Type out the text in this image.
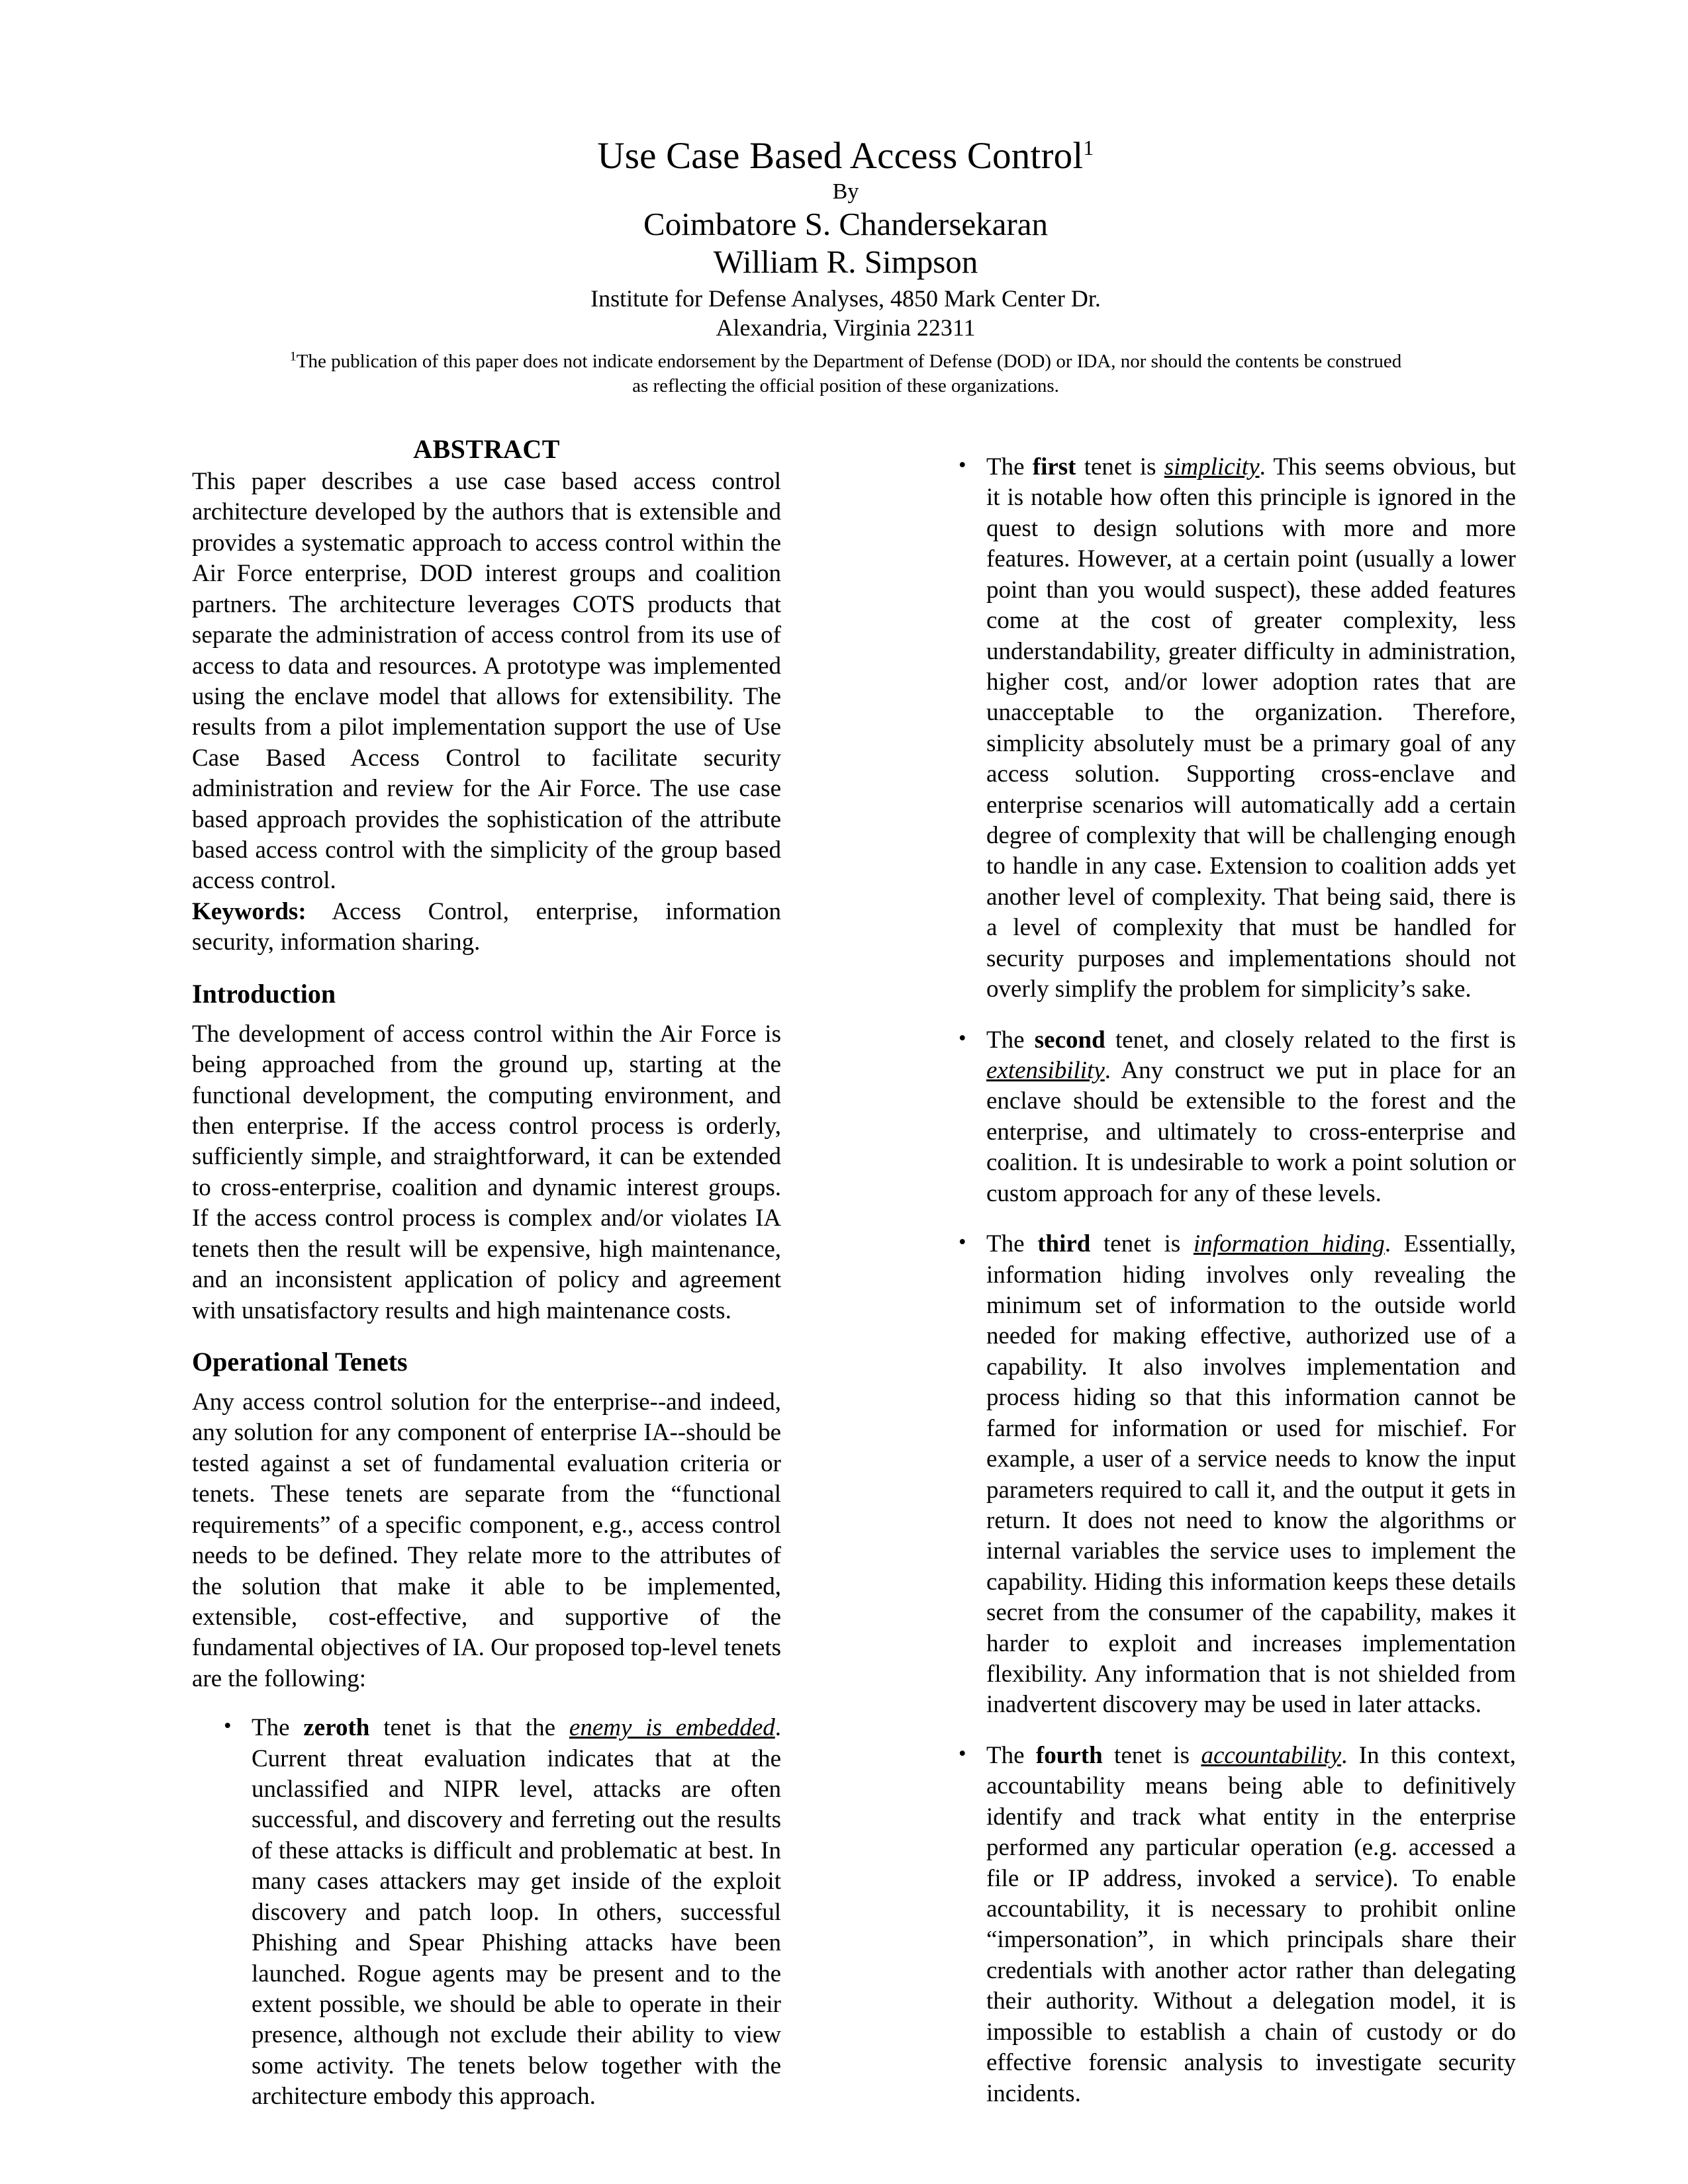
Use Case Based Access Control$^1$
By
Coimbatore S. Chandersekaran
William R. Simpson
Institute for Defense Analyses, 4850 Mark Center Dr.
Alexandria, Virginia 22311
$^1$The publication of this paper does not indicate endorsement by the Department of Defense (DOD) or IDA, nor should the contents be construed
as reflecting the official position of these organizations.
ABSTRACT

This paper describes a use case based access control architecture developed by the authors that is extensible and provides a systematic approach to access control within the Air Force enterprise, DOD interest groups and coalition partners. The architecture leverages COTS products that separate the administration of access control from its use of access to data and resources. A prototype was implemented using the enclave model that allows for extensibility. The results from a pilot implementation support the use of Use Case Based Access Control to facilitate security administration and review for the Air Force. The use case based approach provides the sophistication of the attribute based access control with the simplicity of the group based access control.

Keywords: Access Control, enterprise, information security, information sharing.

Introduction

The development of access control within the Air Force is being approached from the ground up, starting at the functional development, the computing environment, and then enterprise. If the access control process is orderly, sufficiently simple, and straightforward, it can be extended to cross-enterprise, coalition and dynamic interest groups. If the access control process is complex and/or violates IA tenets then the result will be expensive, high maintenance, and an inconsistent application of policy and agreement with unsatisfactory results and high maintenance costs.

Operational Tenets

Any access control solution for the enterprise--and indeed, any solution for any component of enterprise IA--should be tested against a set of fundamental evaluation criteria or tenets. These tenets are separate from the “functional requirements” of a specific component, e.g., access control needs to be defined. They relate more to the attributes of the solution that make it able to be implemented, extensible, cost-effective, and supportive of the fundamental objectives of IA. Our proposed top-level tenets are the following:

• The zeroth tenet is that the enemy is embedded. Current threat evaluation indicates that at the unclassified and NIPR level, attacks are often successful, and discovery and ferreting out the results of these attacks is difficult and problematic at best. In many cases attackers may get inside of the exploit discovery and patch loop. In others, successful Phishing and Spear Phishing attacks have been launched. Rogue agents may be present and to the extent possible, we should be able to operate in their presence, although not exclude their ability to view some activity. The tenets below together with the architecture embody this approach.
• The first tenet is simplicity. This seems obvious, but it is notable how often this principle is ignored in the quest to design solutions with more and more features. However, at a certain point (usually a lower point than you would suspect), these added features come at the cost of greater complexity, less understandability, greater difficulty in administration, higher cost, and/or lower adoption rates that are unacceptable to the organization. Therefore, simplicity absolutely must be a primary goal of any access solution. Supporting cross-enclave and enterprise scenarios will automatically add a certain degree of complexity that will be challenging enough to handle in any case. Extension to coalition adds yet another level of complexity. That being said, there is a level of complexity that must be handled for security purposes and implementations should not overly simplify the problem for simplicity’s sake.
• The second tenet, and closely related to the first is extensibility. Any construct we put in place for an enclave should be extensible to the forest and the enterprise, and ultimately to cross-enterprise and coalition. It is undesirable to work a point solution or custom approach for any of these levels.
• The third tenet is information hiding. Essentially, information hiding involves only revealing the minimum set of information to the outside world needed for making effective, authorized use of a capability. It also involves implementation and process hiding so that this information cannot be farmed for information or used for mischief. For example, a user of a service needs to know the input parameters required to call it, and the output it gets in return. It does not need to know the algorithms or internal variables the service uses to implement the capability. Hiding this information keeps these details secret from the consumer of the capability, makes it harder to exploit and increases implementation flexibility. Any information that is not shielded from inadvertent discovery may be used in later attacks.
• The fourth tenet is accountability. In this context, accountability means being able to definitively identify and track what entity in the enterprise performed any particular operation (e.g. accessed a file or IP address, invoked a service). To enable accountability, it is necessary to prohibit online “impersonation”, in which principals share their credentials with another actor rather than delegating their authority. Without a delegation model, it is impossible to establish a chain of custody or do effective forensic analysis to investigate security incidents.
